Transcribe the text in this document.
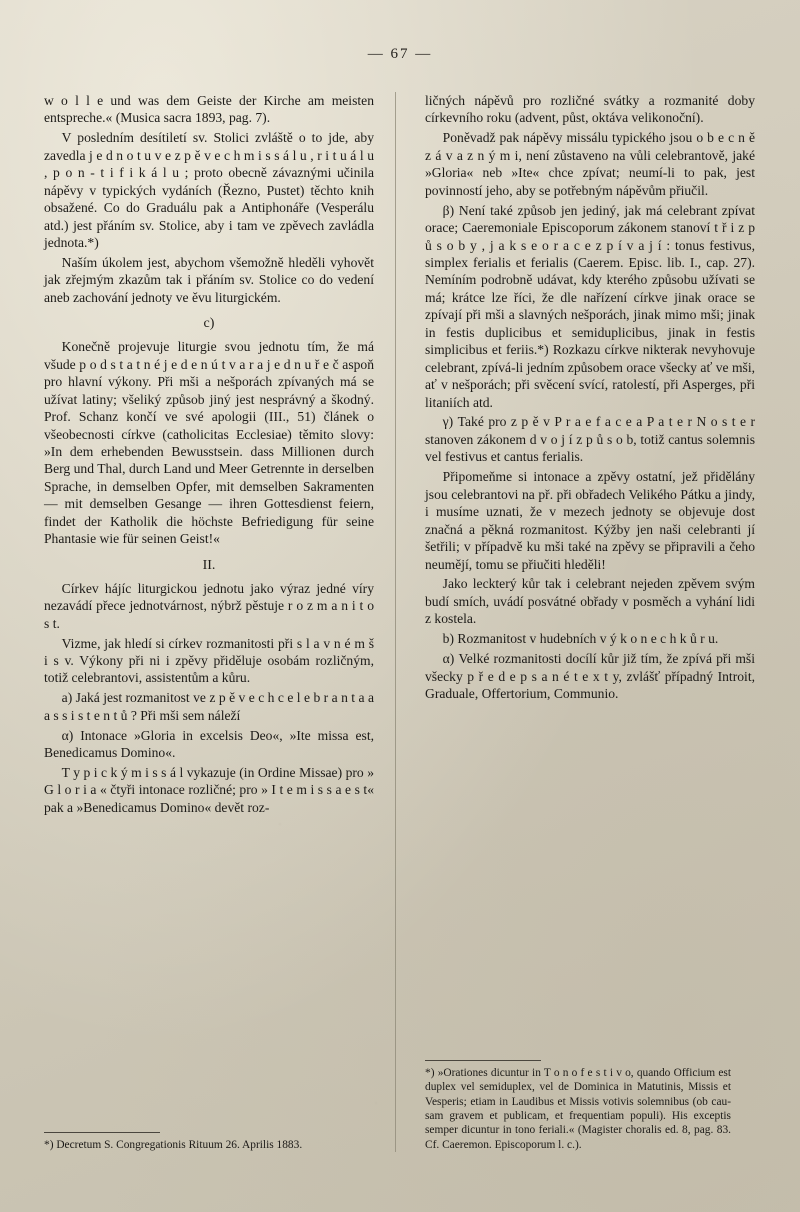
— 67 —

w o l l e und was dem Geiste der Kirche am meisten entspreche.« (Musica sacra 1893, pag. 7).

V posledním desítiletí sv. Stolici zvláště o to jde, aby zavedla j e d n o t u v e z p ě v e c h m i s s á l u , r i t u á l u , p o n - t i f i k á l u ; proto obecně závaznými učinila nápěvy v typických vydáních (Řezno, Pustet) těchto knih obsažené. Co do Graduálu pak a Antiphonáře (Vesperálu atd.) jest přáním sv. Stolice, aby i tam ve zpěvech zavládla jednota.*)

Naším úkolem jest, abychom všemožně hleděli vyhovět jak zřejmým zkazům tak i přáním sv. Stolice co do vedení aneb zachování jednoty ve ěvu liturgickém.

c)

Konečně projevuje liturgie svou jednotu tím, že má všude p o d s t a t n é j e d e n ú t v a r a j e d n u ř e č aspoň pro hlavní výkony. Při mši a nešporách zpívaných má se užívat latiny; všeliký způsob jiný jest nesprávný a škodný. Prof. Schanz končí ve své apologii (III., 51) článek o všeobecnosti církve (catholicitas Ecclesiae) těmito slovy: »In dem erhebenden Bewusstsein. dass Millionen durch Berg und Thal, durch Land und Meer Getrennte in derselben Sprache, in demselben Opfer, mit demselben Sakramenten — mit demselben Gesange — ihren Gottesdienst feiern, findet der Katholik die höchste Befriedigung für seine Phantasie wie für seinen Geist!«

II.

Církev hájíc liturgickou jednotu jako výraz jedné víry nezavádí přece jednotvárnost, nýbrž pěstuje r o z m a n i t o s t.

Vizme, jak hledí si církev rozmanitosti při s l a v n é m š i s v. Výkony při ni i zpěvy přiděluje osobám rozličným, totiž celebrantovi, assistentům a kůru.

a) Jaká jest rozmanitost ve z p ě v e c h c e l e b r a n t a a a s s i s t e n t ů ? Při mši sem náleží

α) Intonace »Gloria in excelsis Deo«, »Ite missa est, Benedicamus Domino«.

T y p i c k ý m i s s á l vykazuje (in Ordine Missae) pro » G l o r i a « čtyři intonace rozličné; pro » I t e m i s s a e s t« pak a »Benedicamus Domino« devět roz-

*) Decretum S. Congregationis Rituum 26. Aprilis 1883.

ličných nápěvů pro rozličné svátky a rozmanité doby církevního roku (advent, půst, oktáva velikonoční).

Poněvadž pak nápěvy missálu typického jsou o b e c n ě z á v a z n ý m i, není zůstaveno na vůli celebrantově, jaké »Gloria« neb »Ite« chce zpívat; neumí-li to pak, jest povinností jeho, aby se potřebným nápěvům přiučil.

β) Není také způsob jen jediný, jak má celebrant zpívat orace; Caeremoniale Episcoporum zákonem stanoví t ř i z p ů s o b y , j a k s e o r a c e z p í v a j í : tonus festivus, simplex ferialis et ferialis (Caerem. Episc. lib. I., cap. 27). Nemíním podrobně udávat, kdy kterého způsobu užívati se má; krátce lze říci, že dle nařízení církve jinak orace se zpívají při mši a slavných nešporách, jinak mimo mši; jinak in festis duplicibus et semiduplicibus, jinak in festis simplicibus et feriis.*) Rozkazu církve nikterak nevyhovuje celebrant, zpívá-li jedním způsobem orace všecky ať ve mši, ať v nešporách; při svěcení svící, ratolestí, při Asperges, při litaniích atd.

γ) Také pro z p ě v P r a e f a c e a P a t e r N o s t e r stanoven zákonem d v o j í z p ů s o b, totiž cantus solemnis vel festivus et cantus ferialis.

Připomeňme si intonace a zpěvy ostatní, jež přidělány jsou celebrantovi na př. při obřadech Velikého Pátku a jindy, i musíme uznati, že v mezech jednoty se objevuje dost značná a pěkná rozmanitost. Kýžby jen naši celebranti jí šetřili; v případvě ku mši také na zpěvy se připravili a čeho neumějí, tomu se přiučiti hleděli!

Jako leckterý kůr tak i celebrant nejeden zpěvem svým budí smích, uvádí posvátné obřady v posměch a vyhání lidi z kostela.

b) Rozmanitost v hudebních v ý k o n e c h k ů r u.

α) Velké rozmanitosti docílí kůr již tím, že zpívá při mši všecky p ř e d e p s a n é t e x t y, zvlášť případný Introit, Graduale, Offertorium, Communio.

*) »Orationes dicuntur in T o n o f e s t i v o, quando Officium est duplex vel semiduplex, vel de Dominica in Matutinis, Missis et Vesperis; etiam in Laudibus et Missis votivis solemnibus (ob causam gravem et publicam, et frequentiam populi). His exceptis semper dicuntur in tono feriali.« (Magister choralis ed. 8, pag. 83. Cf. Caeremon. Episcoporum l. c.).
